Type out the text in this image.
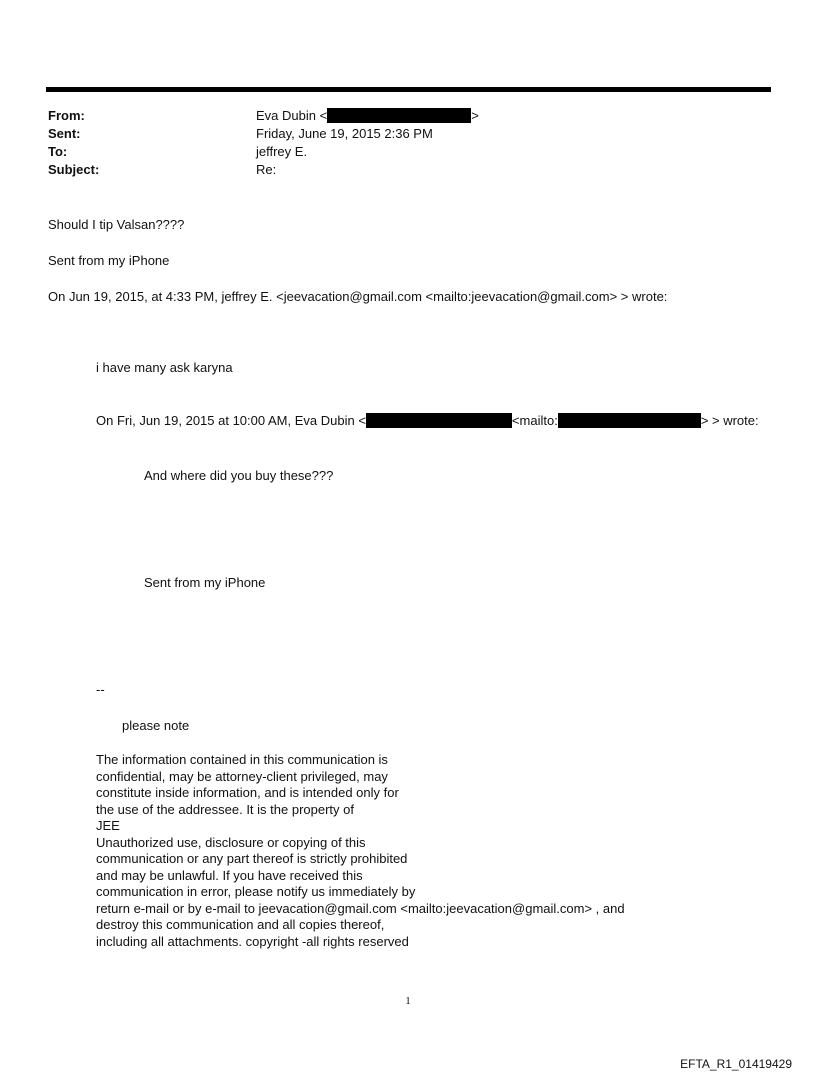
From:	Eva Dubin <	>
Sent:	Friday, June 19, 2015 2:36 PM
To:	jeffrey E.
Subject:	Re:
Should I tip Valsan????
Sent from my iPhone
On Jun 19, 2015, at 4:33 PM, jeffrey E. <jeevacation@gmail.com <mailto:jeevacation@gmail.com> > wrote:
i have many ask karyna
On Fri, Jun 19, 2015 at 10:00 AM, Eva Dubin <	<mailto:	> > wrote:
And where did you buy these???
Sent from my iPhone
--
please note
The information contained in this communication is
confidential, may be attorney-client privileged, may
constitute inside information, and is intended only for
the use of the addressee. It is the property of
JEE
Unauthorized use, disclosure or copying of this
communication or any part thereof is strictly prohibited
and may be unlawful. If you have received this
communication in error, please notify us immediately by
return e-mail or by e-mail to jeevacation@gmail.com <mailto:jeevacation@gmail.com> , and
destroy this communication and all copies thereof,
including all attachments. copyright -all rights reserved
1
EFTA_R1_01419429
